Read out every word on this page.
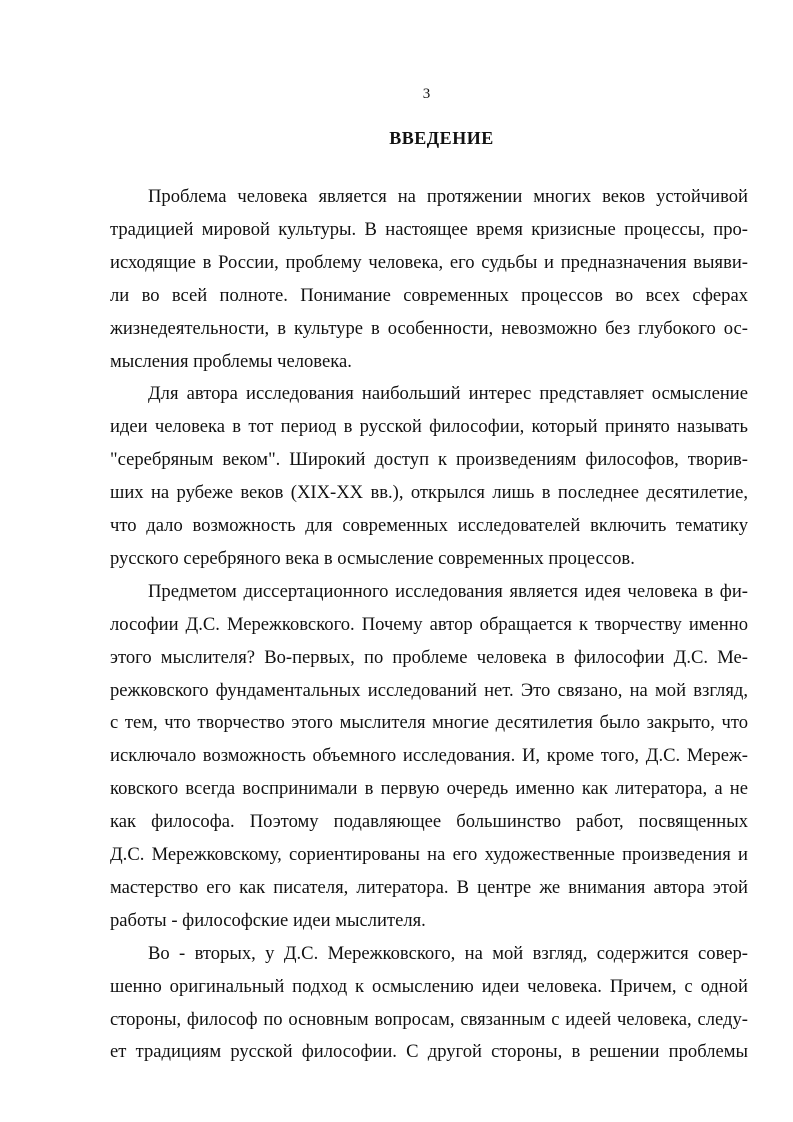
3
ВВЕДЕНИЕ
Проблема человека является на протяжении многих веков устойчивой
традицией мировой культуры. В настоящее время кризисные процессы, про-
исходящие в России, проблему человека, его судьбы и предназначения выяви-
ли во всей полноте. Понимание современных процессов во всех сферах
жизнедеятельности, в культуре в особенности, невозможно без глубокого ос-
мысления проблемы человека.
Для автора исследования наибольший интерес представляет осмысление
идеи человека в тот период в русской философии, который принято называть
"серебряным веком". Широкий доступ к произведениям философов, творив-
ших на рубеже веков (XIX-XX вв.), открылся лишь в последнее десятилетие,
что дало возможность для современных исследователей включить тематику
русского серебряного века в осмысление современных процессов.
Предметом диссертационного исследования является идея человека в фи-
лософии Д.С. Мережковского. Почему автор обращается к творчеству именно
этого мыслителя? Во-первых, по проблеме человека в философии Д.С. Ме-
режковского фундаментальных исследований нет. Это связано, на мой взгляд,
с тем, что творчество этого мыслителя многие десятилетия было закрыто, что
исключало возможность объемного исследования. И, кроме того, Д.С. Мереж-
ковского всегда воспринимали в первую очередь именно как литератора, а не
как философа. Поэтому подавляющее большинство работ, посвященных
Д.С. Мережковскому, сориентированы на его художественные произведения и
мастерство его как писателя, литератора. В центре же внимания автора этой
работы - философские идеи мыслителя.
Во - вторых, у Д.С. Мережковского, на мой взгляд, содержится совер-
шенно оригинальный подход к осмыслению идеи человека. Причем, с одной
стороны, философ по основным вопросам, связанным с идеей человека, следу-
ет традициям русской философии. С другой стороны, в решении проблемы
